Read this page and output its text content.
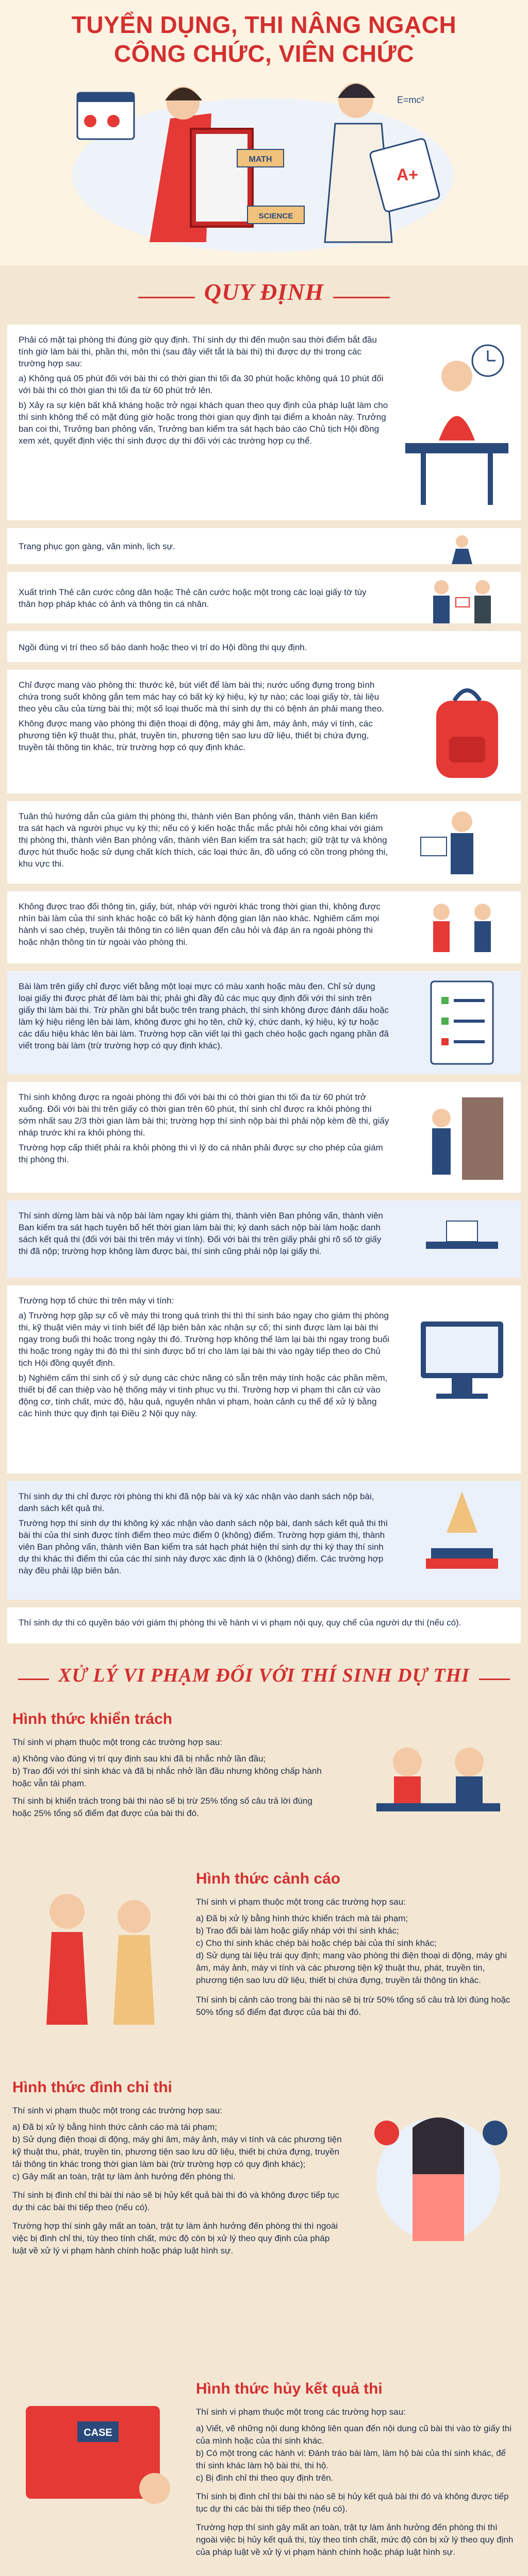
TUYỂN DỤNG, THI NÂNG NGẠCH
CÔNG CHỨC, VIÊN CHỨC
MATH
SCIENCE
A+
E=mc²
QUY ĐỊNH

Phải có mặt tại phòng thi đúng giờ quy định. Thí sinh dự thi đến muộn sau thời điểm bắt đầu tính giờ làm bài thi, phần thi, môn thi (sau đây viết tắt là bài thi) thì được dự thi trong các trường hợp sau:

a) Không quá 05 phút đối với bài thi có thời gian thi tối đa 30 phút hoặc không quá 10 phút đối với bài thi có thời gian thi tối đa từ 60 phút trở lên.

b) Xảy ra sự kiện bất khả kháng hoặc trở ngại khách quan theo quy định của pháp luật làm cho thí sinh không thể có mặt đúng giờ hoặc trong thời gian quy định tại điểm a khoản này. Trưởng ban coi thi, Trưởng ban phỏng vấn, Trưởng ban kiểm tra sát hạch báo cáo Chủ tịch Hội đồng xem xét, quyết định việc thí sinh được dự thi đối với các trường hợp cụ thể.

Trang phục gọn gàng, văn minh, lịch sự.

Xuất trình Thẻ căn cước công dân hoặc Thẻ căn cước hoặc một trong các loại giấy tờ tùy thân hợp pháp khác có ảnh và thông tin cá nhân.

Ngồi đúng vị trí theo số báo danh hoặc theo vị trí do Hội đồng thi quy định.

Chỉ được mang vào phòng thi: thước kẻ, bút viết để làm bài thi; nước uống đựng trong bình chứa trong suốt không gắn tem mác hay có bất kỳ ký hiệu, ký tự nào; các loại giấy tờ, tài liệu theo yêu cầu của từng bài thi; một số loại thuốc mà thí sinh dự thi có bệnh án phải mang theo.

Không được mang vào phòng thi điện thoại di động, máy ghi âm, máy ảnh, máy vi tính, các phương tiện kỹ thuật thu, phát, truyền tin, phương tiện sao lưu dữ liệu, thiết bị chứa đựng, truyền tải thông tin khác, trừ trường hợp có quy định khác.

Tuân thủ hướng dẫn của giám thị phòng thi, thành viên Ban phỏng vấn, thành viên Ban kiểm tra sát hạch và người phục vụ kỳ thi; nếu có ý kiến hoặc thắc mắc phải hỏi công khai với giám thị phòng thi, thành viên Ban phỏng vấn, thành viên Ban kiểm tra sát hạch; giữ trật tự và không được hút thuốc hoặc sử dụng chất kích thích, các loại thức ăn, đồ uống có cồn trong phòng thi, khu vực thi.

Không được trao đổi thông tin, giấy, bút, nháp với người khác trong thời gian thi, không được nhìn bài làm của thí sinh khác hoặc có bất kỳ hành động gian lận nào khác. Nghiêm cấm mọi hành vi sao chép, truyền tải thông tin có liên quan đến câu hỏi và đáp án ra ngoài phòng thi hoặc nhận thông tin từ ngoài vào phòng thi.

Bài làm trên giấy chỉ được viết bằng một loại mực có màu xanh hoặc màu đen. Chỉ sử dụng loại giấy thi được phát để làm bài thi; phải ghi đầy đủ các mục quy định đối với thí sinh trên giấy thi làm bài thi. Trừ phần ghi bắt buộc trên trang phách, thí sinh không được đánh dấu hoặc làm ký hiệu riêng lên bài làm, không được ghi họ tên, chữ ký, chức danh, ký hiệu, ký tự hoặc các dấu hiệu khác lên bài làm. Trường hợp cần viết lại thì gạch chéo hoặc gạch ngang phần đã viết trong bài làm (trừ trường hợp có quy định khác).

Thí sinh không được ra ngoài phòng thi đối với bài thi có thời gian thi tối đa từ 60 phút trở xuống. Đối với bài thi trên giấy có thời gian trên 60 phút, thí sinh chỉ được ra khỏi phòng thi sớm nhất sau 2/3 thời gian làm bài thi; trường hợp thí sinh nộp bài thì phải nộp kèm đề thi, giấy nháp trước khi ra khỏi phòng thi.

Trường hợp cấp thiết phải ra khỏi phòng thi vì lý do cá nhân phải được sự cho phép của giám thị phòng thi.

Thí sinh dừng làm bài và nộp bài làm ngay khi giám thị, thành viên Ban phỏng vấn, thành viên Ban kiểm tra sát hạch tuyên bố hết thời gian làm bài thi; ký danh sách nộp bài làm hoặc danh sách kết quả thi (đối với bài thi trên máy vi tính). Đối với bài thi trên giấy phải ghi rõ số tờ giấy thi đã nộp; trường hợp không làm được bài, thí sinh cũng phải nộp lại giấy thi.

Trường hợp tổ chức thi trên máy vi tính:

a) Trường hợp gặp sự cố về máy thi trong quá trình thi thì thí sinh báo ngay cho giám thị phòng thi, kỹ thuật viên máy vi tính biết để lập biên bản xác nhận sự cố; thí sinh được làm lại bài thi ngay trong buổi thi hoặc trong ngày thi đó. Trường hợp không thể làm lại bài thi ngay trong buổi thi hoặc trong ngày thi đó thì thí sinh được bố trí cho làm lại bài thi vào ngày tiếp theo do Chủ tịch Hội đồng quyết định.

b) Nghiêm cấm thí sinh cố ý sử dụng các chức năng có sẵn trên máy tính hoặc các phần mềm, thiết bị để can thiệp vào hệ thống máy vi tính phục vụ thi. Trường hợp vi phạm thì căn cứ vào động cơ, tính chất, mức độ, hậu quả, nguyên nhân vi phạm, hoàn cảnh cụ thể để xử lý bằng các hình thức quy định tại Điều 2 Nội quy này.

Thí sinh dự thi chỉ được rời phòng thi khi đã nộp bài và ký xác nhận vào danh sách nộp bài, danh sách kết quả thi.

Trường hợp thí sinh dự thi không ký xác nhận vào danh sách nộp bài, danh sách kết quả thi thì bài thi của thí sinh được tính điểm theo mức điểm 0 (không) điểm. Trường hợp giám thị, thành viên Ban phỏng vấn, thành viên Ban kiểm tra sát hạch phát hiện thí sinh dự thi ký thay thí sinh dự thi khác thì điểm thi của các thí sinh này được xác định là 0 (không) điểm. Các trường hợp này đều phải lập biên bản.

Thí sinh dự thi có quyền báo với giám thị phòng thi về hành vi vi phạm nội quy, quy chế của người dự thi (nếu có).

XỬ LÝ VI PHẠM ĐỐI VỚI THÍ SINH DỰ THI
Hình thức khiển trách
Thí sinh vi phạm thuộc một trong các trường hợp sau:
a) Không vào đúng vị trí quy định sau khi đã bị nhắc nhở lần đầu;
b) Trao đổi với thí sinh khác và đã bị nhắc nhở lần đầu nhưng không chấp hành hoặc vẫn tái phạm.
Thí sinh bị khiển trách trong bài thi nào sẽ bị trừ 25% tổng số câu trả lời đúng hoặc 25% tổng số điểm đạt được của bài thi đó.
Hình thức cảnh cáo
Thí sinh vi phạm thuộc một trong các trường hợp sau:
a) Đã bị xử lý bằng hình thức khiển trách mà tái phạm;
b) Trao đổi bài làm hoặc giấy nháp với thí sinh khác;
c) Cho thí sinh khác chép bài hoặc chép bài của thí sinh khác;
d) Sử dụng tài liệu trái quy định; mang vào phòng thi điện thoại di động, máy ghi âm, máy ảnh, máy vi tính và các phương tiện kỹ thuật thu, phát, truyền tin, phương tiện sao lưu dữ liệu, thiết bị chứa đựng, truyền tải thông tin khác.
Thí sinh bị cảnh cáo trong bài thi nào sẽ bị trừ 50% tổng số câu trả lời đúng hoặc 50% tổng số điểm đạt được của bài thi đó.
Hình thức đình chỉ thi
Thí sinh vi phạm thuộc một trong các trường hợp sau:
a) Đã bị xử lý bằng hình thức cảnh cáo mà tái phạm;
b) Sử dụng điện thoại di động, máy ghi âm, máy ảnh, máy vi tính và các phương tiện kỹ thuật thu, phát, truyền tin, phương tiện sao lưu dữ liệu, thiết bị chứa đựng, truyền tải thông tin khác trong thời gian làm bài (trừ trường hợp có quy định khác);
c) Gây mất an toàn, trật tự làm ảnh hưởng đến phòng thi.
Thí sinh bị đình chỉ thi bài thi nào sẽ bị hủy kết quả bài thi đó và không được tiếp tục dự thi các bài thi tiếp theo (nếu có).
Trường hợp thí sinh gây mất an toàn, trật tự làm ảnh hưởng đến phòng thi thì ngoài việc bị đình chỉ thi, tùy theo tính chất, mức độ còn bị xử lý theo quy định của pháp luật về xử lý vi phạm hành chính hoặc pháp luật hình sự.
CASE
Hình thức hủy kết quả thi
Thí sinh vi phạm thuộc một trong các trường hợp sau:
a) Viết, vẽ những nội dung không liên quan đến nội dung cũ bài thi vào tờ giấy thi của mình hoặc của thí sinh khác.
b) Có một trong các hành vi: Đánh tráo bài làm, làm hộ bài của thí sinh khác, để thí sinh khác làm hộ bài thi, thi hộ.
c) Bị đình chỉ thi theo quy định trên.
Thí sinh bị đình chỉ thi bài thi nào sẽ bị hủy kết quả bài thi đó và không được tiếp tục dự thi các bài thi tiếp theo (nếu có).
Trường hợp thí sinh gây mất an toàn, trật tự làm ảnh hưởng đến phòng thi thì ngoài việc bị hủy kết quả thi, tùy theo tính chất, mức độ còn bị xử lý theo quy định của pháp luật về xử lý vi phạm hành chính hoặc pháp luật hình sự.
